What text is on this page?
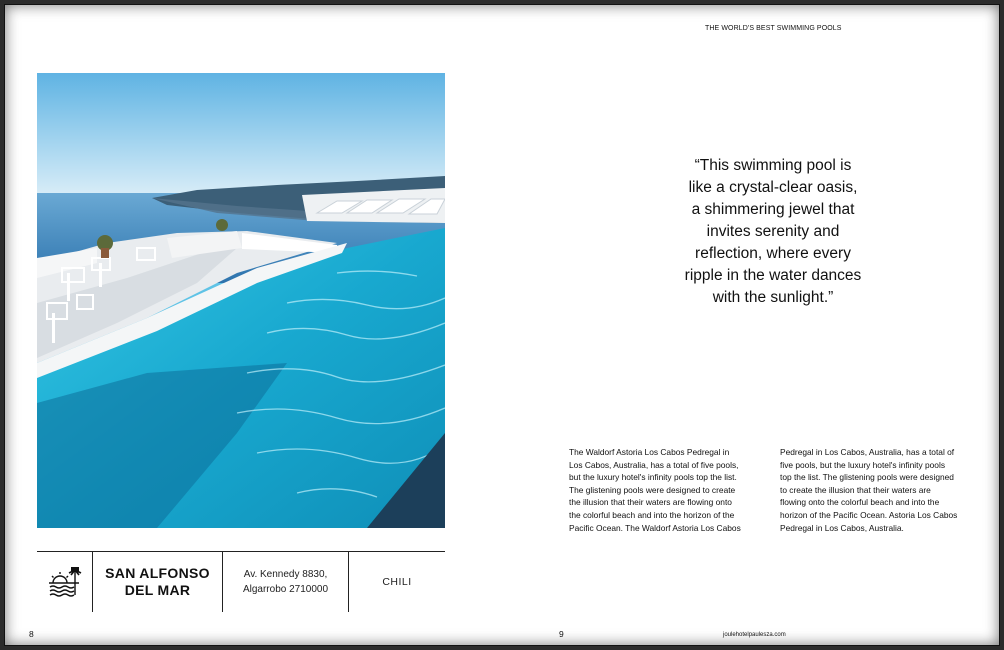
THE WORLD'S BEST SWIMMING POOLS
SAN ALFONSO
DEL MAR
Av. Kennedy 8830,
Algarrobo 2710000
CHILI
“This swimming pool is
like a crystal-clear oasis,
a shimmering jewel that
invites serenity and
reflection, where every
ripple in the water dances
with the sunlight.”
The Waldorf Astoria Los Cabos Pedregal in
Los Cabos, Australia, has a total of five pools,
but the luxury hotel's infinity pools top the list.
The glistening pools were designed to create
the illusion that their waters are flowing onto
the colorful beach and into the horizon of the
Pacific Ocean. The Waldorf Astoria Los Cabos
Pedregal in Los Cabos, Australia, has a total of
five pools, but the luxury hotel's infinity pools
top the list. The glistening pools were designed
to create the illusion that their waters are
flowing onto the colorful beach and into the
horizon of the Pacific Ocean. Astoria Los Cabos
Pedregal in Los Cabos, Australia.
8	9	joulehotelpaulesza.com
